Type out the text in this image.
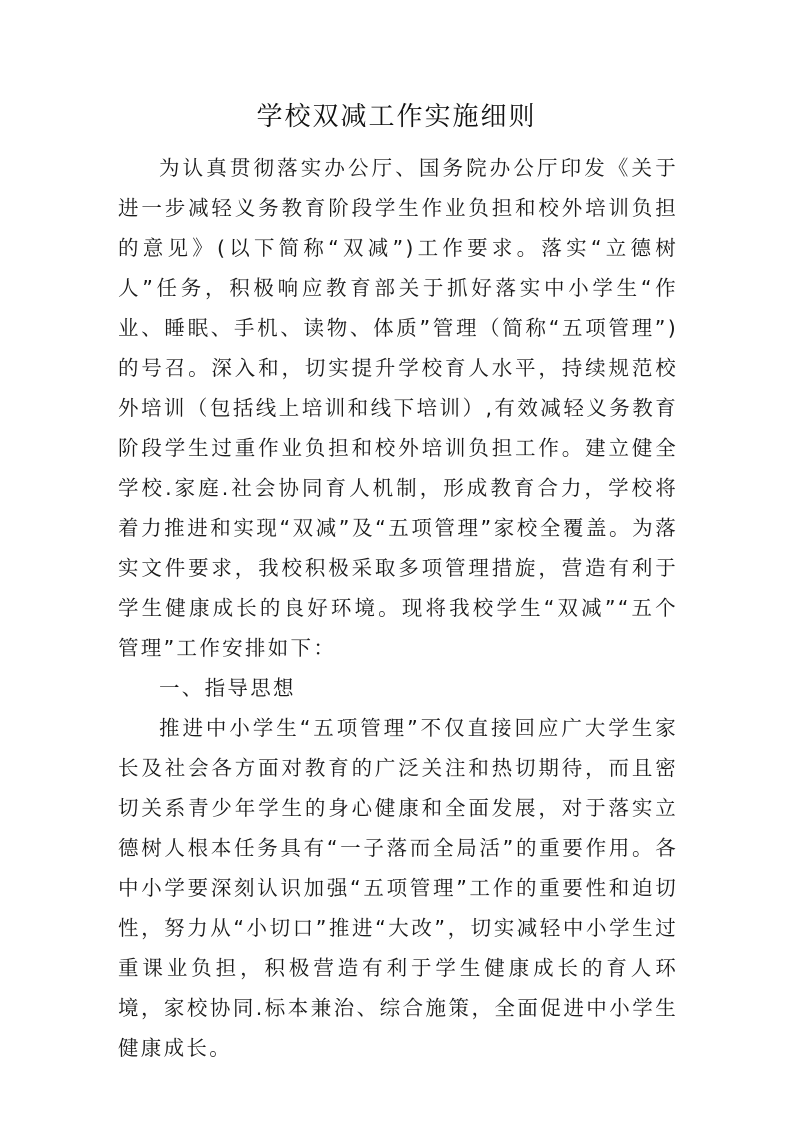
学校双减工作实施细则

为认真贯彻落实办公厅、国务院办公厅印发《关于进一步减轻义务教育阶段学生作业负担和校外培训负担的意见》(以下简称“双减”)工作要求。落实“立德树人”任务，积极响应教育部关于抓好落实中小学生“作业、睡眠、手机、读物、体质”管理（简称“五项管理”)的号召。深入和，切实提升学校育人水平，持续规范校外培训（包括线上培训和线下培训）,有效减轻义务教育阶段学生过重作业负担和校外培训负担工作。建立健全学校.家庭.社会协同育人机制，形成教育合力，学校将着力推进和实现“双减”及“五项管理”家校全覆盖。为落实文件要求，我校积极采取多项管理措旋，营造有利于学生健康成长的良好环境。现将我校学生“双减”“五个管理”工作安排如下：

一、指导思想

推进中小学生“五项管理”不仅直接回应广大学生家长及社会各方面对教育的广泛关注和热切期待，而且密切关系青少年学生的身心健康和全面发展，对于落实立德树人根本任务具有“一子落而全局活”的重要作用。各中小学要深刻认识加强“五项管理”工作的重要性和迫切性，努力从“小切口”推进“大改”，切实减轻中小学生过重课业负担，积极营造有利于学生健康成长的育人环境，家校协同.标本兼治、综合施策，全面促进中小学生健康成长。
